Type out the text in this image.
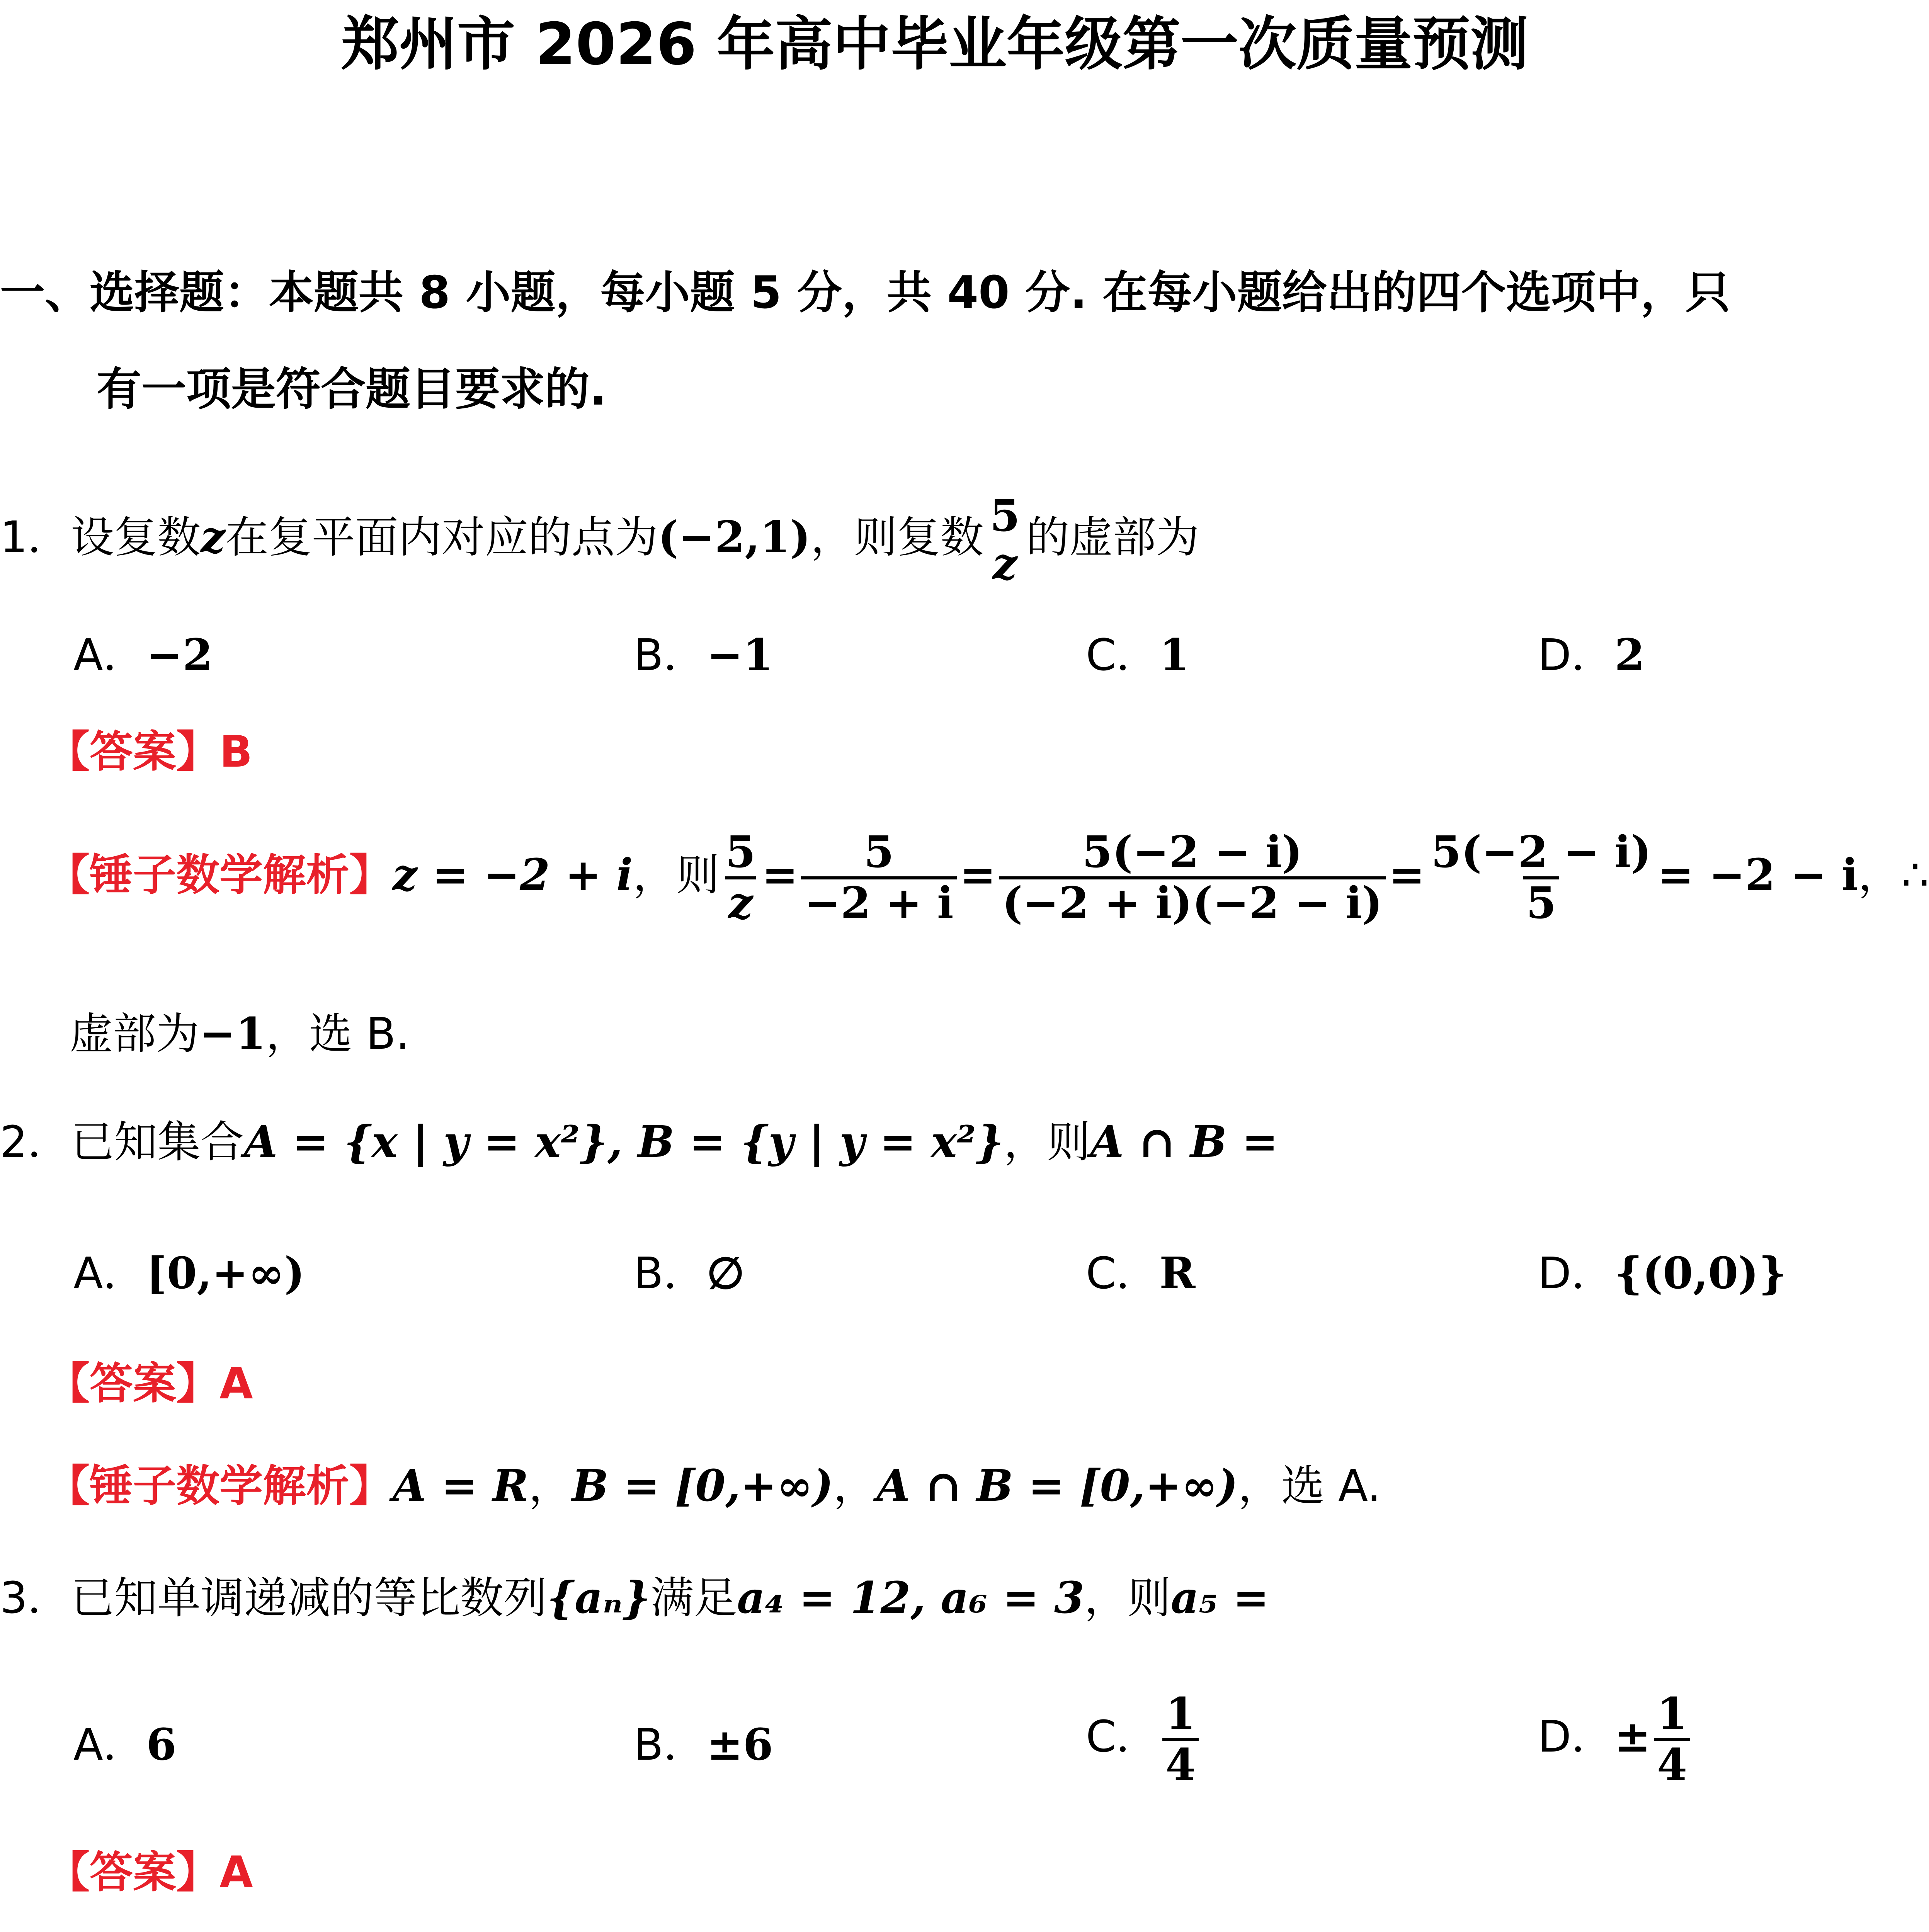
郑州市 2026 年高中毕业年级第一次质量预测
一、选择题：本题共 8 小题，每小题 5 分，共 40 分. 在每小题给出的四个选项中，只
有一项是符合题目要求的.
1．设复数z在复平面内对应的点为(−2,1)，则复数 5
z
的虚部为
A．−2	B．−1	C．1	D．2
【答案】B
【锤子数学解析】z = −2 + i，则 $\frac{5}{z} = \frac{5}{-2 + i} = \frac{5(-2 - i)}{(-2 + i)(-2 - i)} = \frac{5(-2 - i)}{5} = -2 - i$，∴
虚部为−1，选 B.
2．已知集合A = {x | y = x²}, B = {y | y = x²}，则A ∩ B =
A．[0,+∞)	B．∅	C．R	D．{(0,0)}
【答案】A
【锤子数学解析】A = R，B = [0,+∞)，A ∩ B = [0,+∞)，选 A.
3．已知单调递减的等比数列{aₙ}满足a₄ = 12, a₆ = 3，则a₅ =
A．6	B．±6	C． $\frac{1}{4}$	D．± $\frac{1}{4}$
【答案】A
